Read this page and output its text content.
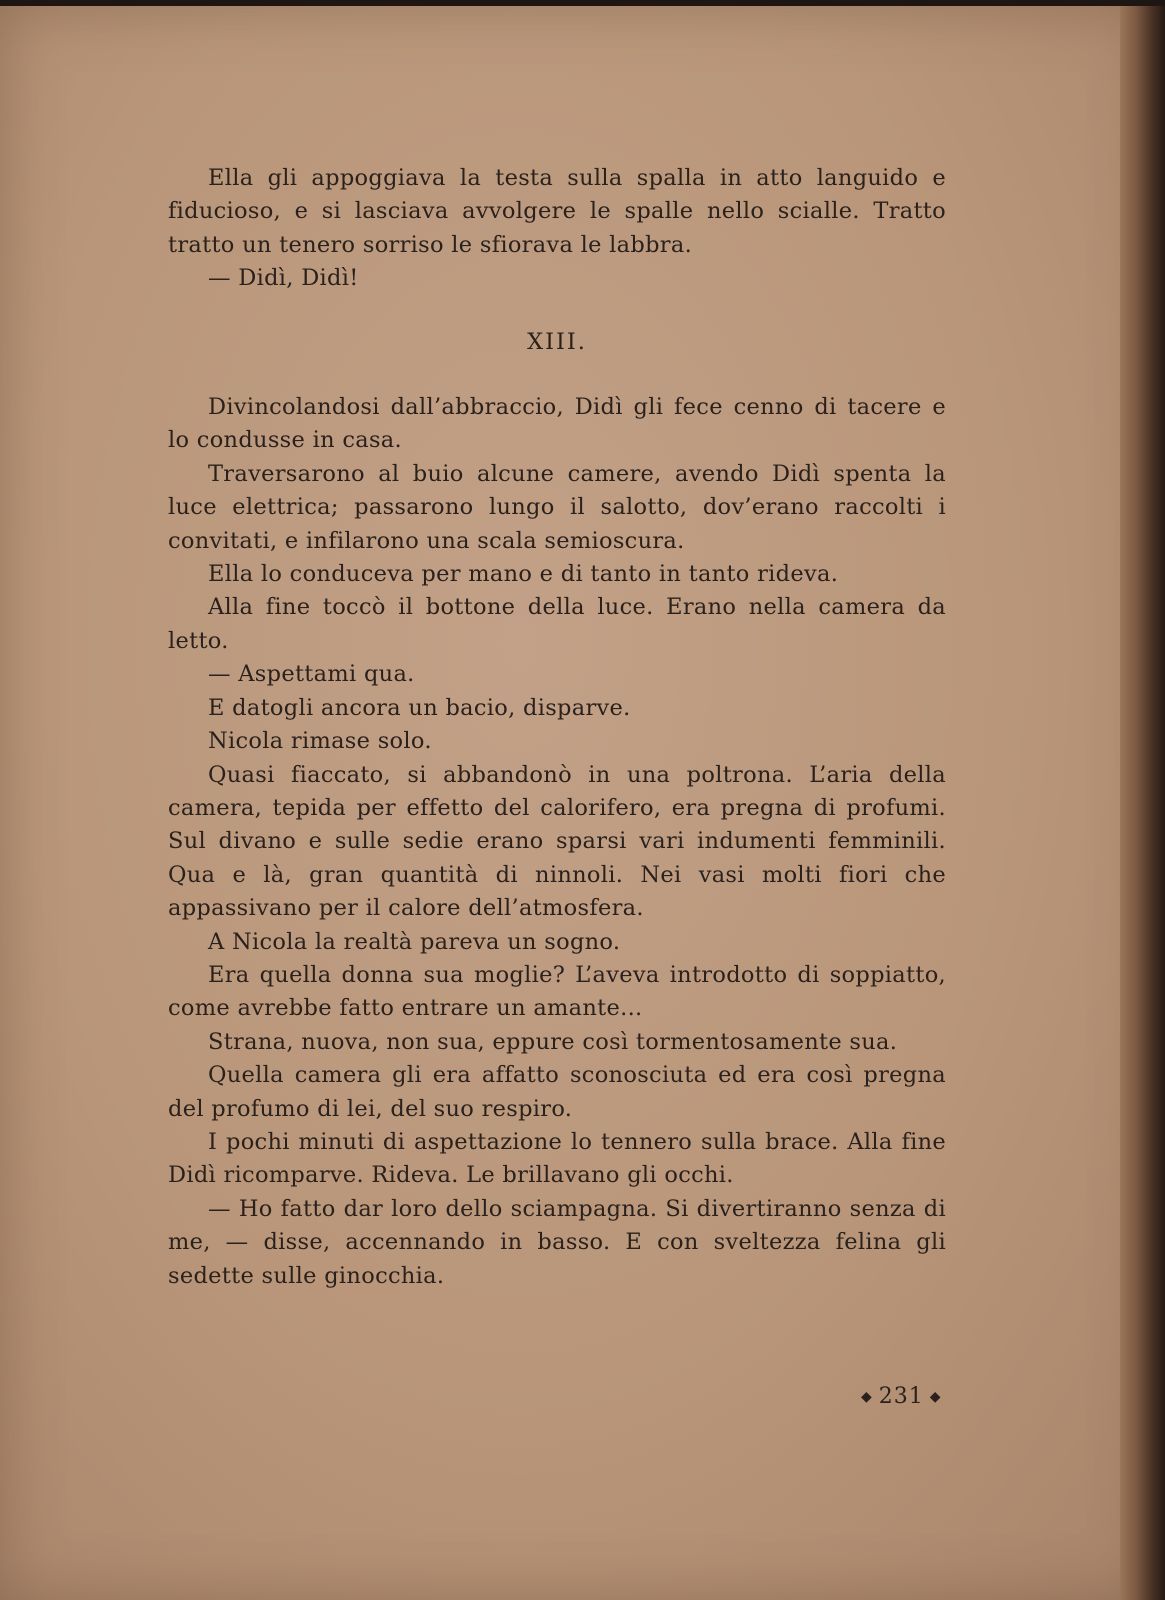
Ella gli appoggiava la testa sulla spalla in atto languido e fiducioso, e si lasciava avvolgere le spalle nello scialle. Tratto tratto un tenero sorriso le sfiorava le labbra.

— Didì, Didì!

XIII.

Divincolandosi dall’abbraccio, Didì gli fece cenno di tacere e lo condusse in casa.

Traversarono al buio alcune camere, avendo Didì spenta la luce elettrica; passarono lungo il salotto, dov’erano raccolti i convitati, e infilarono una scala semioscura.

Ella lo conduceva per mano e di tanto in tanto rideva.

Alla fine toccò il bottone della luce. Erano nella camera da letto.

— Aspettami qua.

E datogli ancora un bacio, disparve.

Nicola rimase solo.

Quasi fiaccato, si abbandonò in una poltrona. L’aria della camera, tepida per effetto del calorifero, era pregna di profumi. Sul divano e sulle sedie erano sparsi vari indumenti femminili. Qua e là, gran quantità di ninnoli. Nei vasi molti fiori che appassivano per il calore dell’atmosfera.

A Nicola la realtà pareva un sogno.

Era quella donna sua moglie? L’aveva introdotto di soppiatto, come avrebbe fatto entrare un amante...

Strana, nuova, non sua, eppure così tormentosamente sua.

Quella camera gli era affatto sconosciuta ed era così pregna del profumo di lei, del suo respiro.

I pochi minuti di aspettazione lo tennero sulla brace. Alla fine Didì ricomparve. Rideva. Le brillavano gli occhi.

— Ho fatto dar loro dello sciampagna. Si divertiranno senza di me, — disse, accennando in basso. E con sveltezza felina gli sedette sulle ginocchia.

◆ 231 ◆
